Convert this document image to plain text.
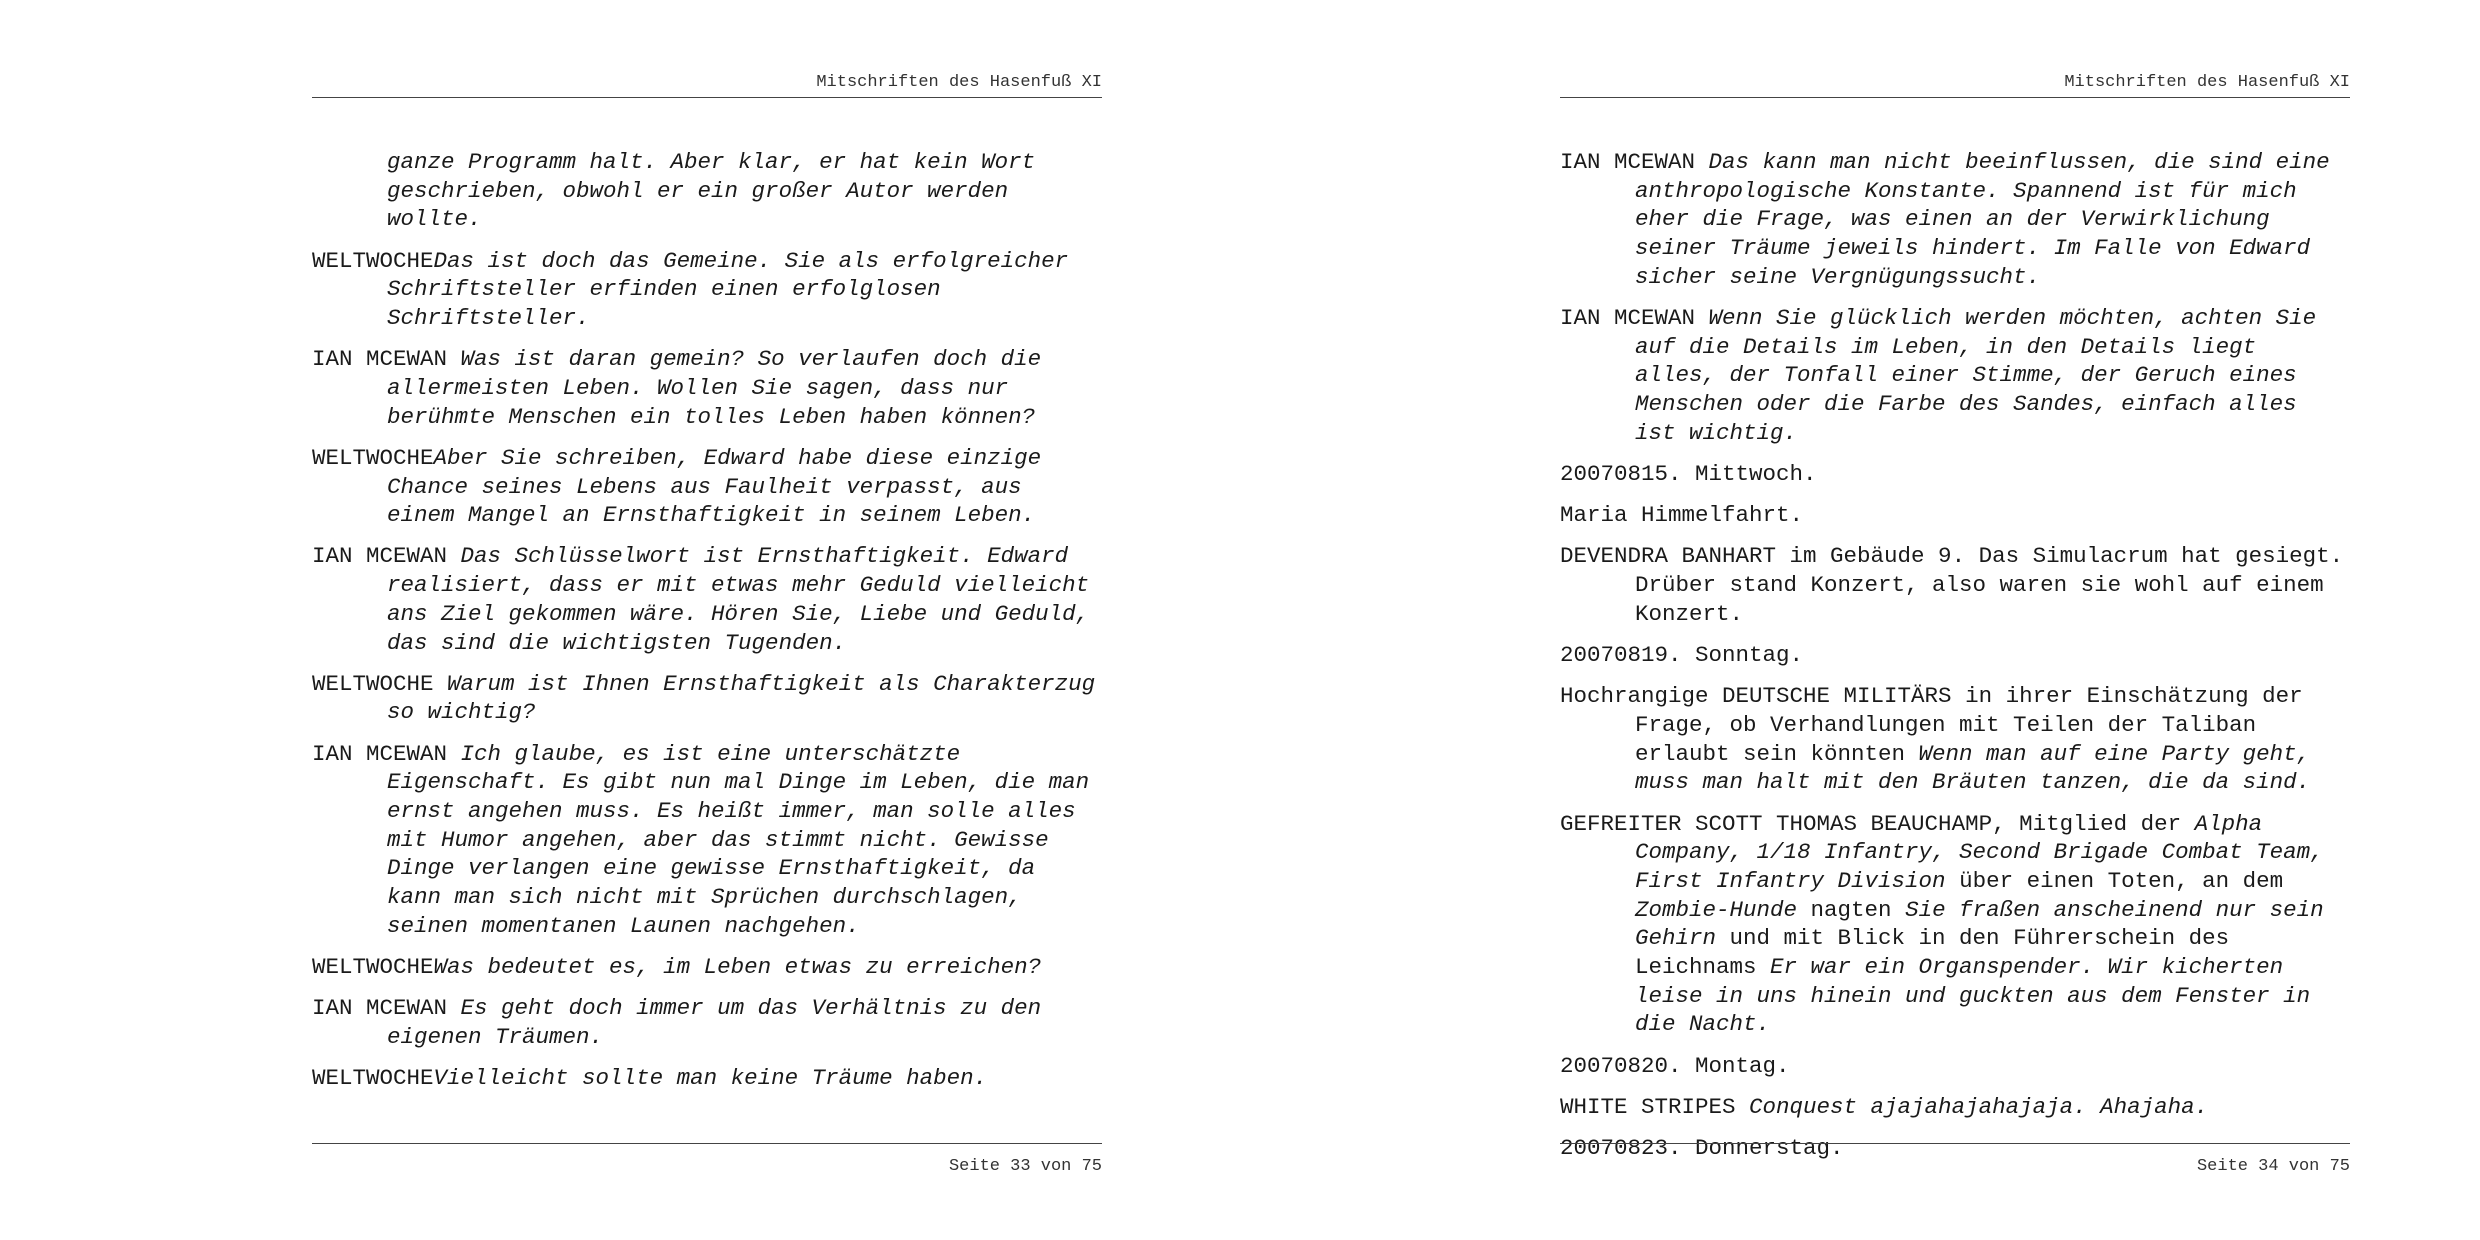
Mitschriften des Hasenfuß XI

ganze Programm halt. Aber klar, er hat kein Wort geschrieben, obwohl er ein großer Autor werden wollte.

WELTWOCHEDas ist doch das Gemeine. Sie als erfolgreicher Schriftsteller erfinden einen erfolglosen Schriftsteller.

IAN MCEWAN Was ist daran gemein? So verlaufen doch die allermeisten Leben. Wollen Sie sagen, dass nur berühmte Menschen ein tolles Leben haben können?

WELTWOCHEAber Sie schreiben, Edward habe diese einzige Chance seines Lebens aus Faulheit verpasst, aus einem Mangel an Ernsthaftigkeit in seinem Leben.

IAN MCEWAN Das Schlüsselwort ist Ernsthaftigkeit. Edward realisiert, dass er mit etwas mehr Geduld vielleicht ans Ziel gekommen wäre. Hören Sie, Liebe und Geduld, das sind die wichtigsten Tugenden.

WELTWOCHE Warum ist Ihnen Ernsthaftigkeit als Charakterzug so wichtig?

IAN MCEWAN Ich glaube, es ist eine unterschätzte Eigenschaft. Es gibt nun mal Dinge im Leben, die man ernst angehen muss. Es heißt immer, man solle alles mit Humor angehen, aber das stimmt nicht. Gewisse Dinge verlangen eine gewisse Ernsthaftigkeit, da kann man sich nicht mit Sprüchen durchschlagen, seinen momentanen Launen nachgehen.

WELTWOCHEWas bedeutet es, im Leben etwas zu erreichen?

IAN MCEWAN Es geht doch immer um das Verhältnis zu den eigenen Träumen.

WELTWOCHEVielleicht sollte man keine Träume haben.

Seite 33 von 75
Mitschriften des Hasenfuß XI

IAN MCEWAN Das kann man nicht beeinflussen, die sind eine anthropologische Konstante. Spannend ist für mich eher die Frage, was einen an der Verwirklichung seiner Träume jeweils hindert. Im Falle von Edward sicher seine Vergnügungssucht.

IAN MCEWAN Wenn Sie glücklich werden möchten, achten Sie auf die Details im Leben, in den Details liegt alles, der Tonfall einer Stimme, der Geruch eines Menschen oder die Farbe des Sandes, einfach alles ist wichtig.

20070815. Mittwoch.

Maria Himmelfahrt.

DEVENDRA BANHART im Gebäude 9. Das Simulacrum hat gesiegt. Drüber stand Konzert, also waren sie wohl auf einem Konzert.

20070819. Sonntag.

Hochrangige DEUTSCHE MILITÄRS in ihrer Einschätzung der Frage, ob Verhandlungen mit Teilen der Taliban erlaubt sein könnten Wenn man auf eine Party geht, muss man halt mit den Bräuten tanzen, die da sind.

GEFREITER SCOTT THOMAS BEAUCHAMP, Mitglied der Alpha Company, 1/18 Infantry, Second Brigade Combat Team, First Infantry Division über einen Toten, an dem Zombie-Hunde nagten Sie fraßen anscheinend nur sein Gehirn und mit Blick in den Führerschein des Leichnams Er war ein Organspender. Wir kicherten leise in uns hinein und guckten aus dem Fenster in die Nacht.

20070820. Montag.

WHITE STRIPES Conquest ajajahajahajaja. Ahajaha.

20070823. Donnerstag.

Seite 34 von 75
